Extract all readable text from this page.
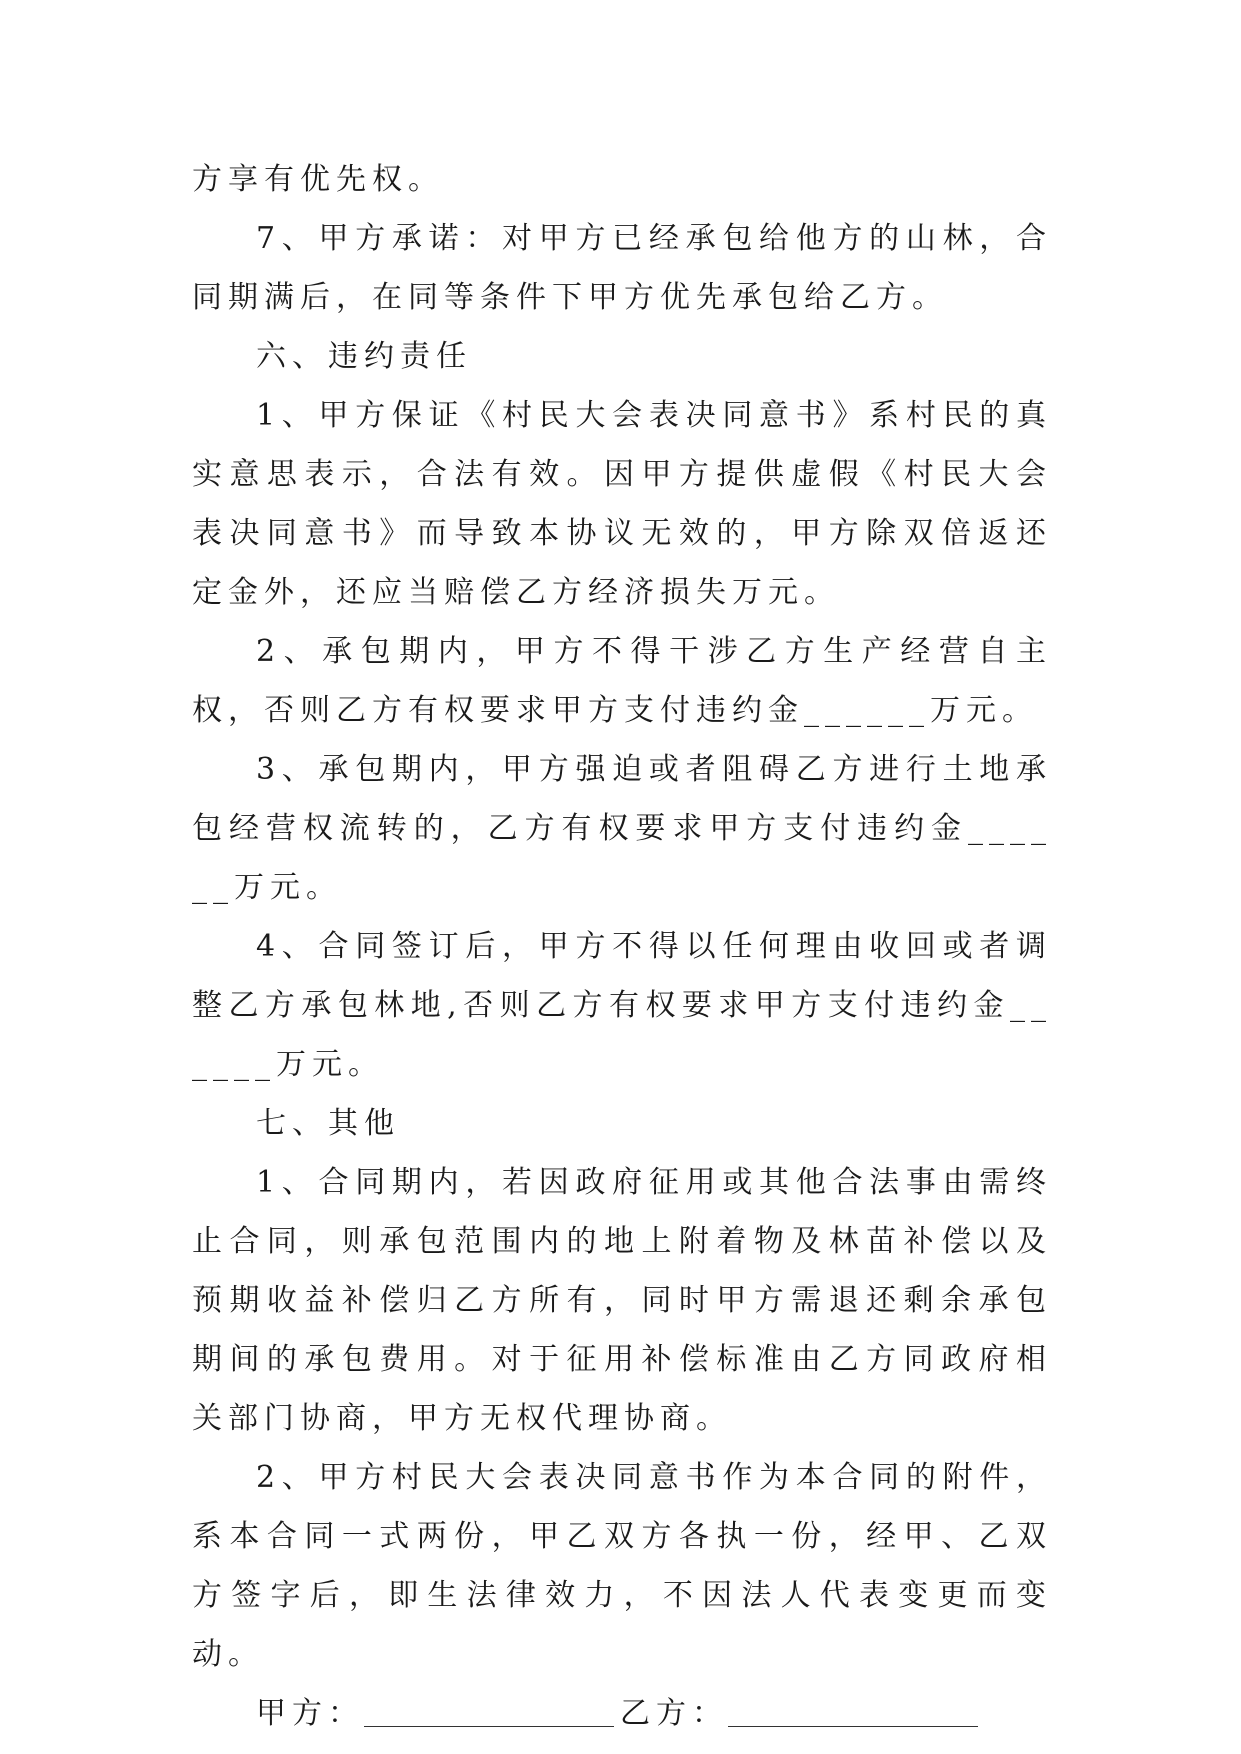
方享有优先权。

7、甲方承诺：对甲方已经承包给他方的山林，合同期满后，在同等条件下甲方优先承包给乙方。

六、违约责任

1、甲方保证《村民大会表决同意书》系村民的真实意思表示，合法有效。因甲方提供虚假《村民大会表决同意书》而导致本协议无效的，甲方除双倍返还定金外，还应当赔偿乙方经济损失万元。

2、承包期内，甲方不得干涉乙方生产经营自主权，否则乙方有权要求甲方支付违约金______万元。

3、承包期内，甲方强迫或者阻碍乙方进行土地承包经营权流转的，乙方有权要求甲方支付违约金______万元。

4、合同签订后，甲方不得以任何理由收回或者调整乙方承包林地,否则乙方有权要求甲方支付违约金______万元。

七、其他

1、合同期内，若因政府征用或其他合法事由需终止合同，则承包范围内的地上附着物及林苗补偿以及预期收益补偿归乙方所有，同时甲方需退还剩余承包期间的承包费用。对于征用补偿标准由乙方同政府相关部门协商，甲方无权代理协商。

2、甲方村民大会表决同意书作为本合同的附件，系本合同一式两份，甲乙双方各执一份，经甲、乙双方签字后，即生法律效力，不因法人代表变更而变动。

甲方：	乙方：
